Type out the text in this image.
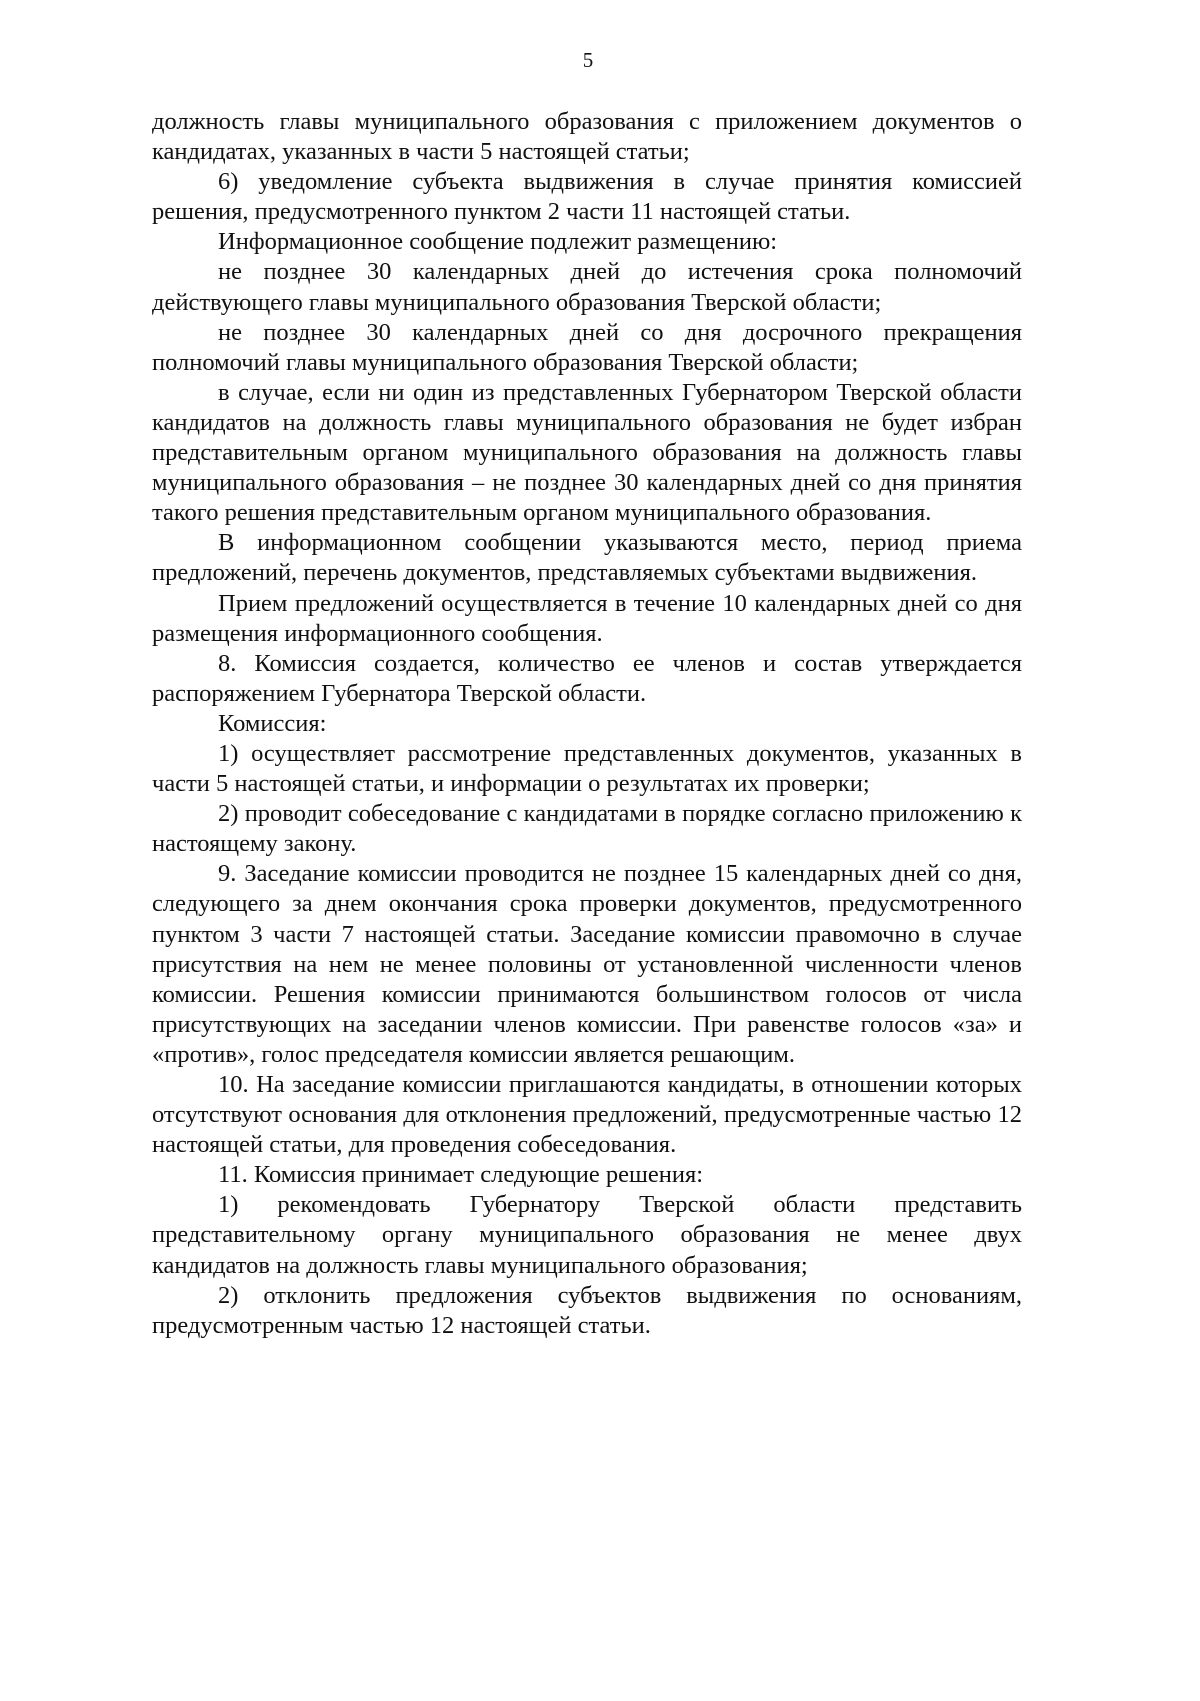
5

должность главы муниципального образования с приложением документов о кандидатах, указанных в части 5 настоящей статьи;

6) уведомление субъекта выдвижения в случае принятия комиссией решения, предусмотренного пунктом 2 части 11 настоящей статьи.

Информационное сообщение подлежит размещению:

не позднее 30 календарных дней до истечения срока полномочий действующего главы муниципального образования Тверской области;

не позднее 30 календарных дней со дня досрочного прекращения полномочий главы муниципального образования Тверской области;

в случае, если ни один из представленных Губернатором Тверской области кандидатов на должность главы муниципального образования не будет избран представительным органом муниципального образования на должность главы муниципального образования – не позднее 30 календарных дней со дня принятия такого решения представительным органом муниципального образования.

В информационном сообщении указываются место, период приема предложений, перечень документов, представляемых субъектами выдвижения.

Прием предложений осуществляется в течение 10 календарных дней со дня размещения информационного сообщения.

8. Комиссия создается, количество ее членов и состав утверждается распоряжением Губернатора Тверской области.

Комиссия:

1) осуществляет рассмотрение представленных документов, указанных в части 5 настоящей статьи, и информации о результатах их проверки;

2) проводит собеседование с кандидатами в порядке согласно приложению к настоящему закону.

9. Заседание комиссии проводится не позднее 15 календарных дней со дня, следующего за днем окончания срока проверки документов, предусмотренного пунктом 3 части 7 настоящей статьи. Заседание комиссии правомочно в случае присутствия на нем не менее половины от установленной численности членов комиссии. Решения комиссии принимаются большинством голосов от числа присутствующих на заседании членов комиссии. При равенстве голосов «за» и «против», голос председателя комиссии является решающим.

10. На заседание комиссии приглашаются кандидаты, в отношении которых отсутствуют основания для отклонения предложений, предусмотренные частью 12 настоящей статьи, для проведения собеседования.

11. Комиссия принимает следующие решения:

1) рекомендовать Губернатору Тверской области представить представительному органу муниципального образования не менее двух кандидатов на должность главы муниципального образования;

2) отклонить предложения субъектов выдвижения по основаниям, предусмотренным частью 12 настоящей статьи.
